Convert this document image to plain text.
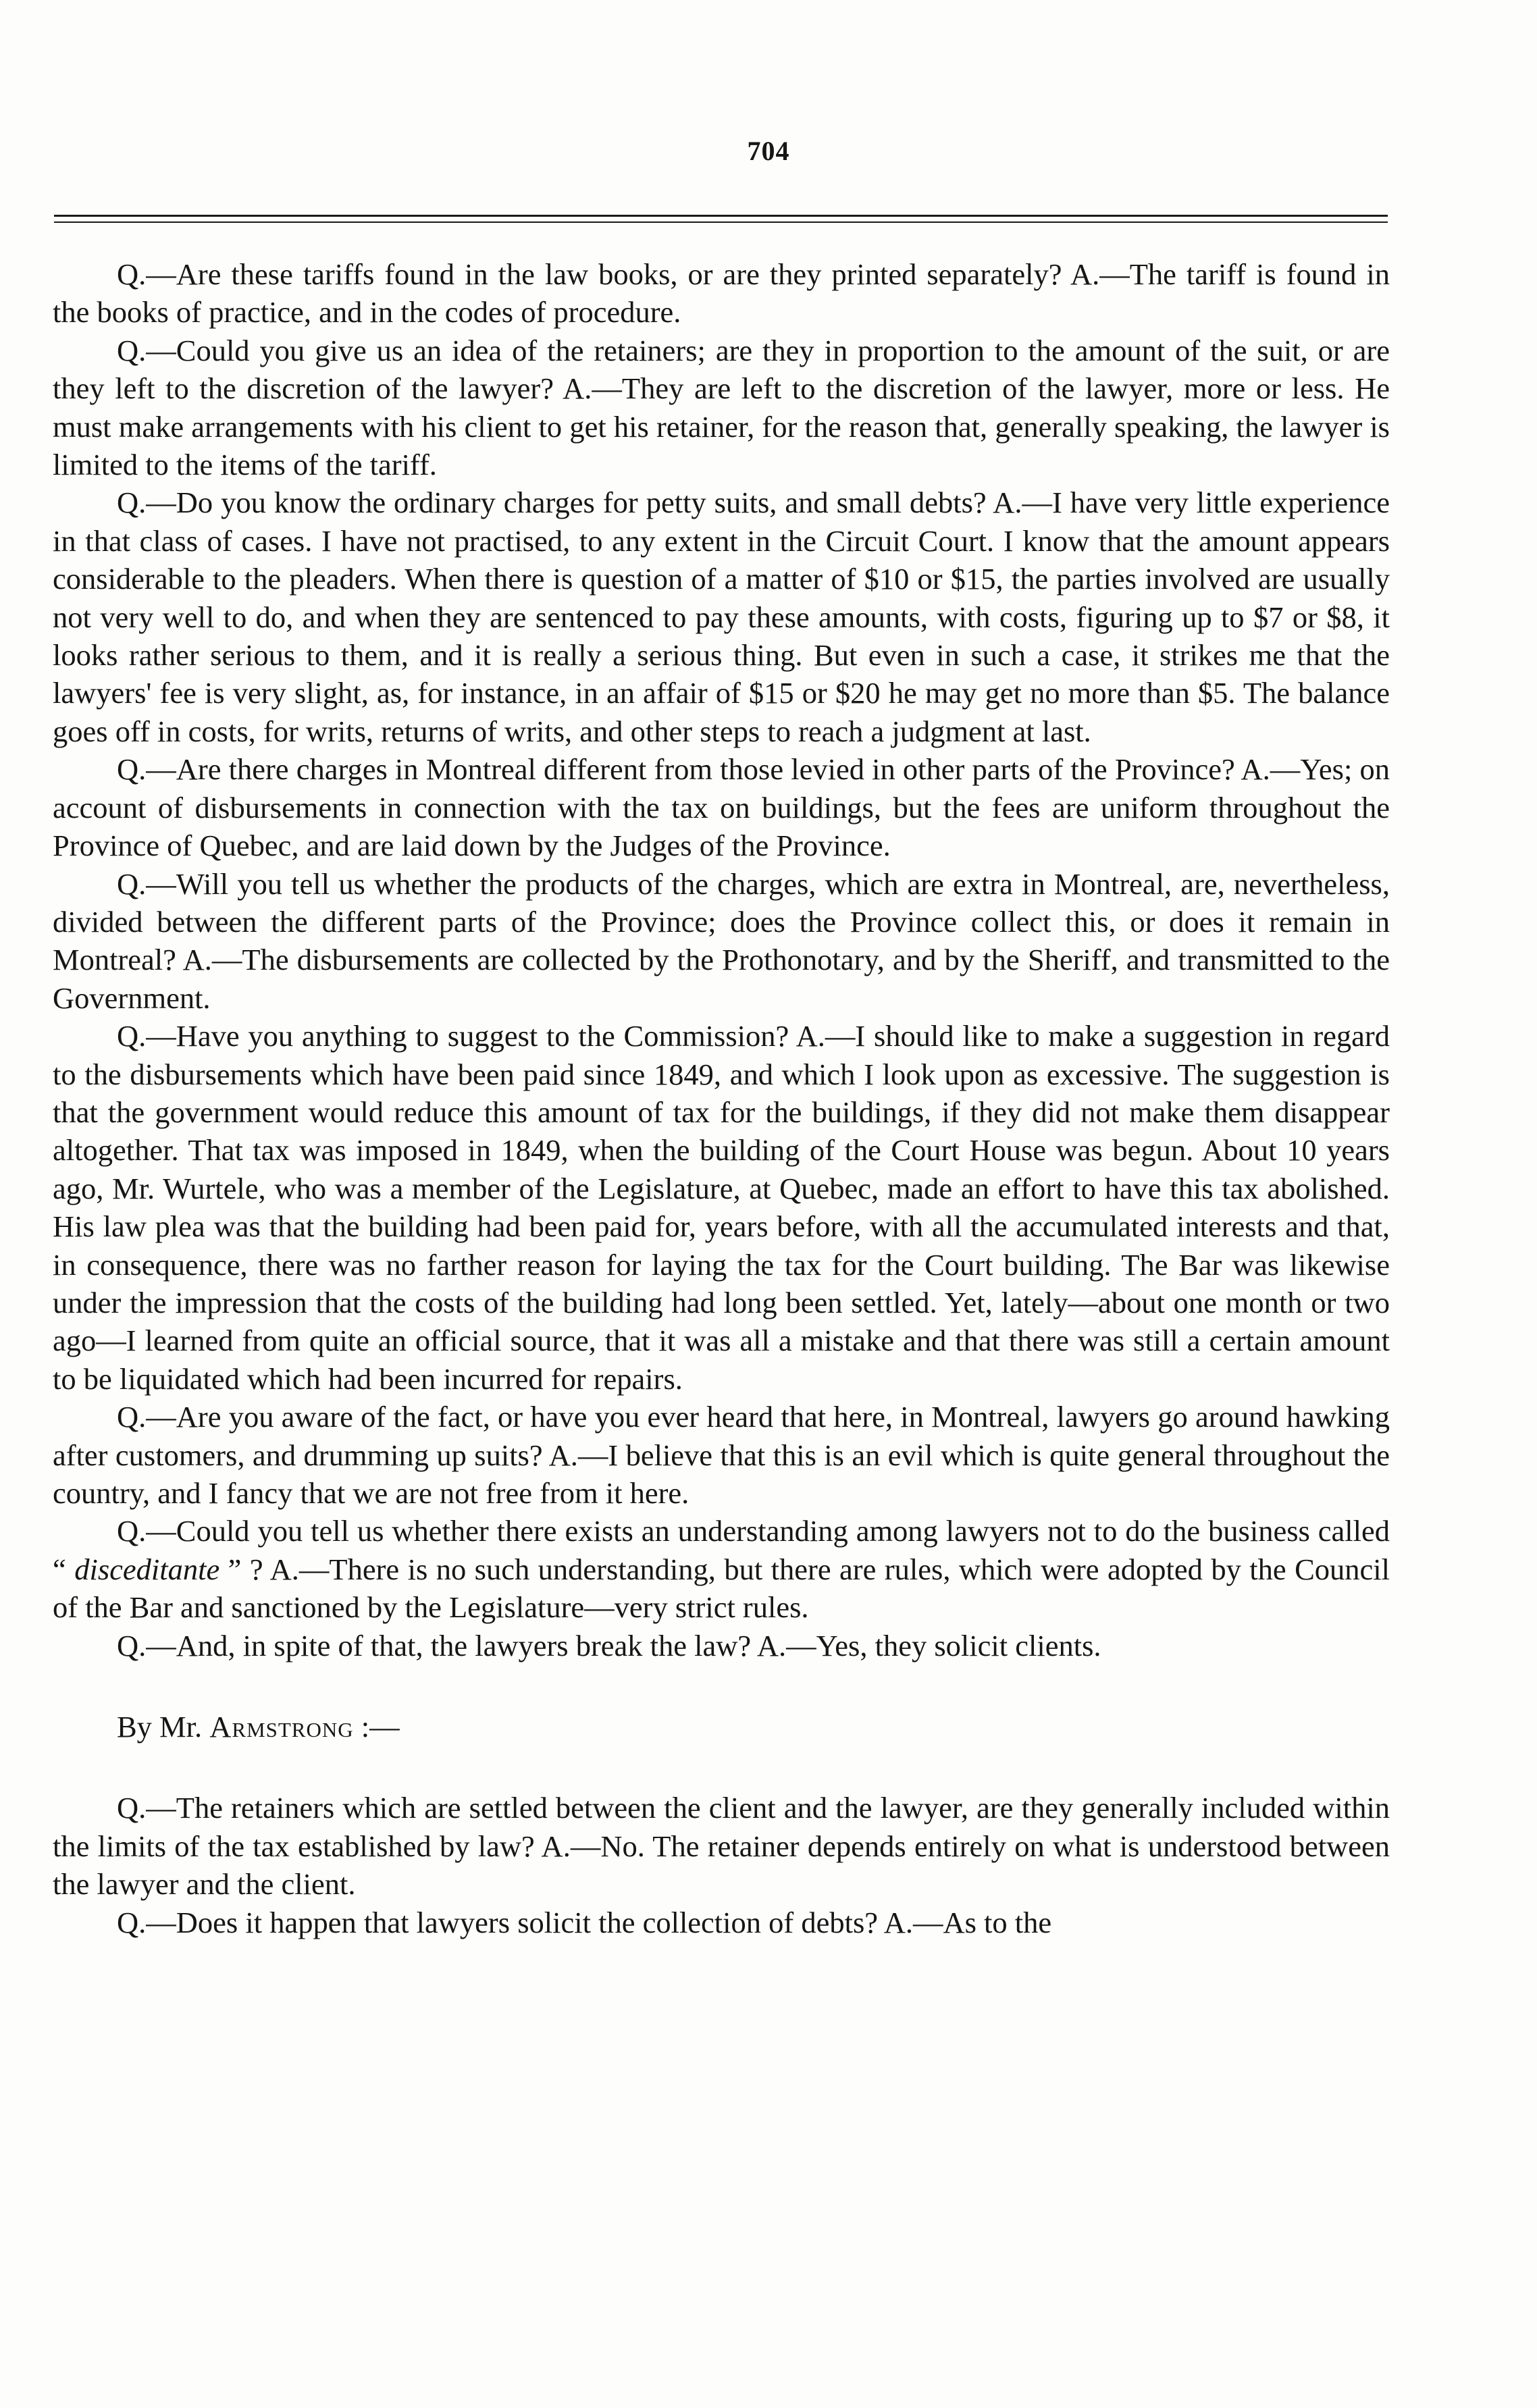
704

Q.—Are these tariffs found in the law books, or are they printed separately? A.—The tariff is found in the books of practice, and in the codes of procedure.

Q.—Could you give us an idea of the retainers; are they in proportion to the amount of the suit, or are they left to the discretion of the lawyer? A.—They are left to the discretion of the lawyer, more or less. He must make arrangements with his client to get his retainer, for the reason that, generally speaking, the lawyer is limited to the items of the tariff.

Q.—Do you know the ordinary charges for petty suits, and small debts? A.—I have very little experience in that class of cases. I have not practised, to any extent in the Circuit Court. I know that the amount appears considerable to the pleaders. When there is question of a matter of $10 or $15, the parties involved are usually not very well to do, and when they are sentenced to pay these amounts, with costs, figuring up to $7 or $8, it looks rather serious to them, and it is really a serious thing. But even in such a case, it strikes me that the lawyers' fee is very slight, as, for instance, in an affair of $15 or $20 he may get no more than $5. The balance goes off in costs, for writs, returns of writs, and other steps to reach a judgment at last.

Q.—Are there charges in Montreal different from those levied in other parts of the Province? A.—Yes; on account of disbursements in connection with the tax on buildings, but the fees are uniform throughout the Province of Quebec, and are laid down by the Judges of the Province.

Q.—Will you tell us whether the products of the charges, which are extra in Montreal, are, nevertheless, divided between the different parts of the Province; does the Province collect this, or does it remain in Montreal? A.—The disbursements are collected by the Prothonotary, and by the Sheriff, and transmitted to the Government.

Q.—Have you anything to suggest to the Commission? A.—I should like to make a suggestion in regard to the disbursements which have been paid since 1849, and which I look upon as excessive. The suggestion is that the government would reduce this amount of tax for the buildings, if they did not make them disappear altogether. That tax was imposed in 1849, when the building of the Court House was begun. About 10 years ago, Mr. Wurtele, who was a member of the Legislature, at Quebec, made an effort to have this tax abolished. His law plea was that the building had been paid for, years before, with all the accumulated interests and that, in consequence, there was no farther reason for laying the tax for the Court building. The Bar was likewise under the impression that the costs of the building had long been settled. Yet, lately—about one month or two ago—I learned from quite an official source, that it was all a mistake and that there was still a certain amount to be liquidated which had been incurred for repairs.

Q.—Are you aware of the fact, or have you ever heard that here, in Montreal, lawyers go around hawking after customers, and drumming up suits? A.—I believe that this is an evil which is quite general throughout the country, and I fancy that we are not free from it here.

Q.—Could you tell us whether there exists an understanding among lawyers not to do the business called “ disceditante ” ? A.—There is no such understanding, but there are rules, which were adopted by the Council of the Bar and sanctioned by the Legislature—very strict rules.

Q.—And, in spite of that, the lawyers break the law? A.—Yes, they solicit clients.

By Mr. Armstrong :—

Q.—The retainers which are settled between the client and the lawyer, are they generally included within the limits of the tax established by law? A.—No. The retainer depends entirely on what is understood between the lawyer and the client.

Q.—Does it happen that lawyers solicit the collection of debts? A.—As to the
